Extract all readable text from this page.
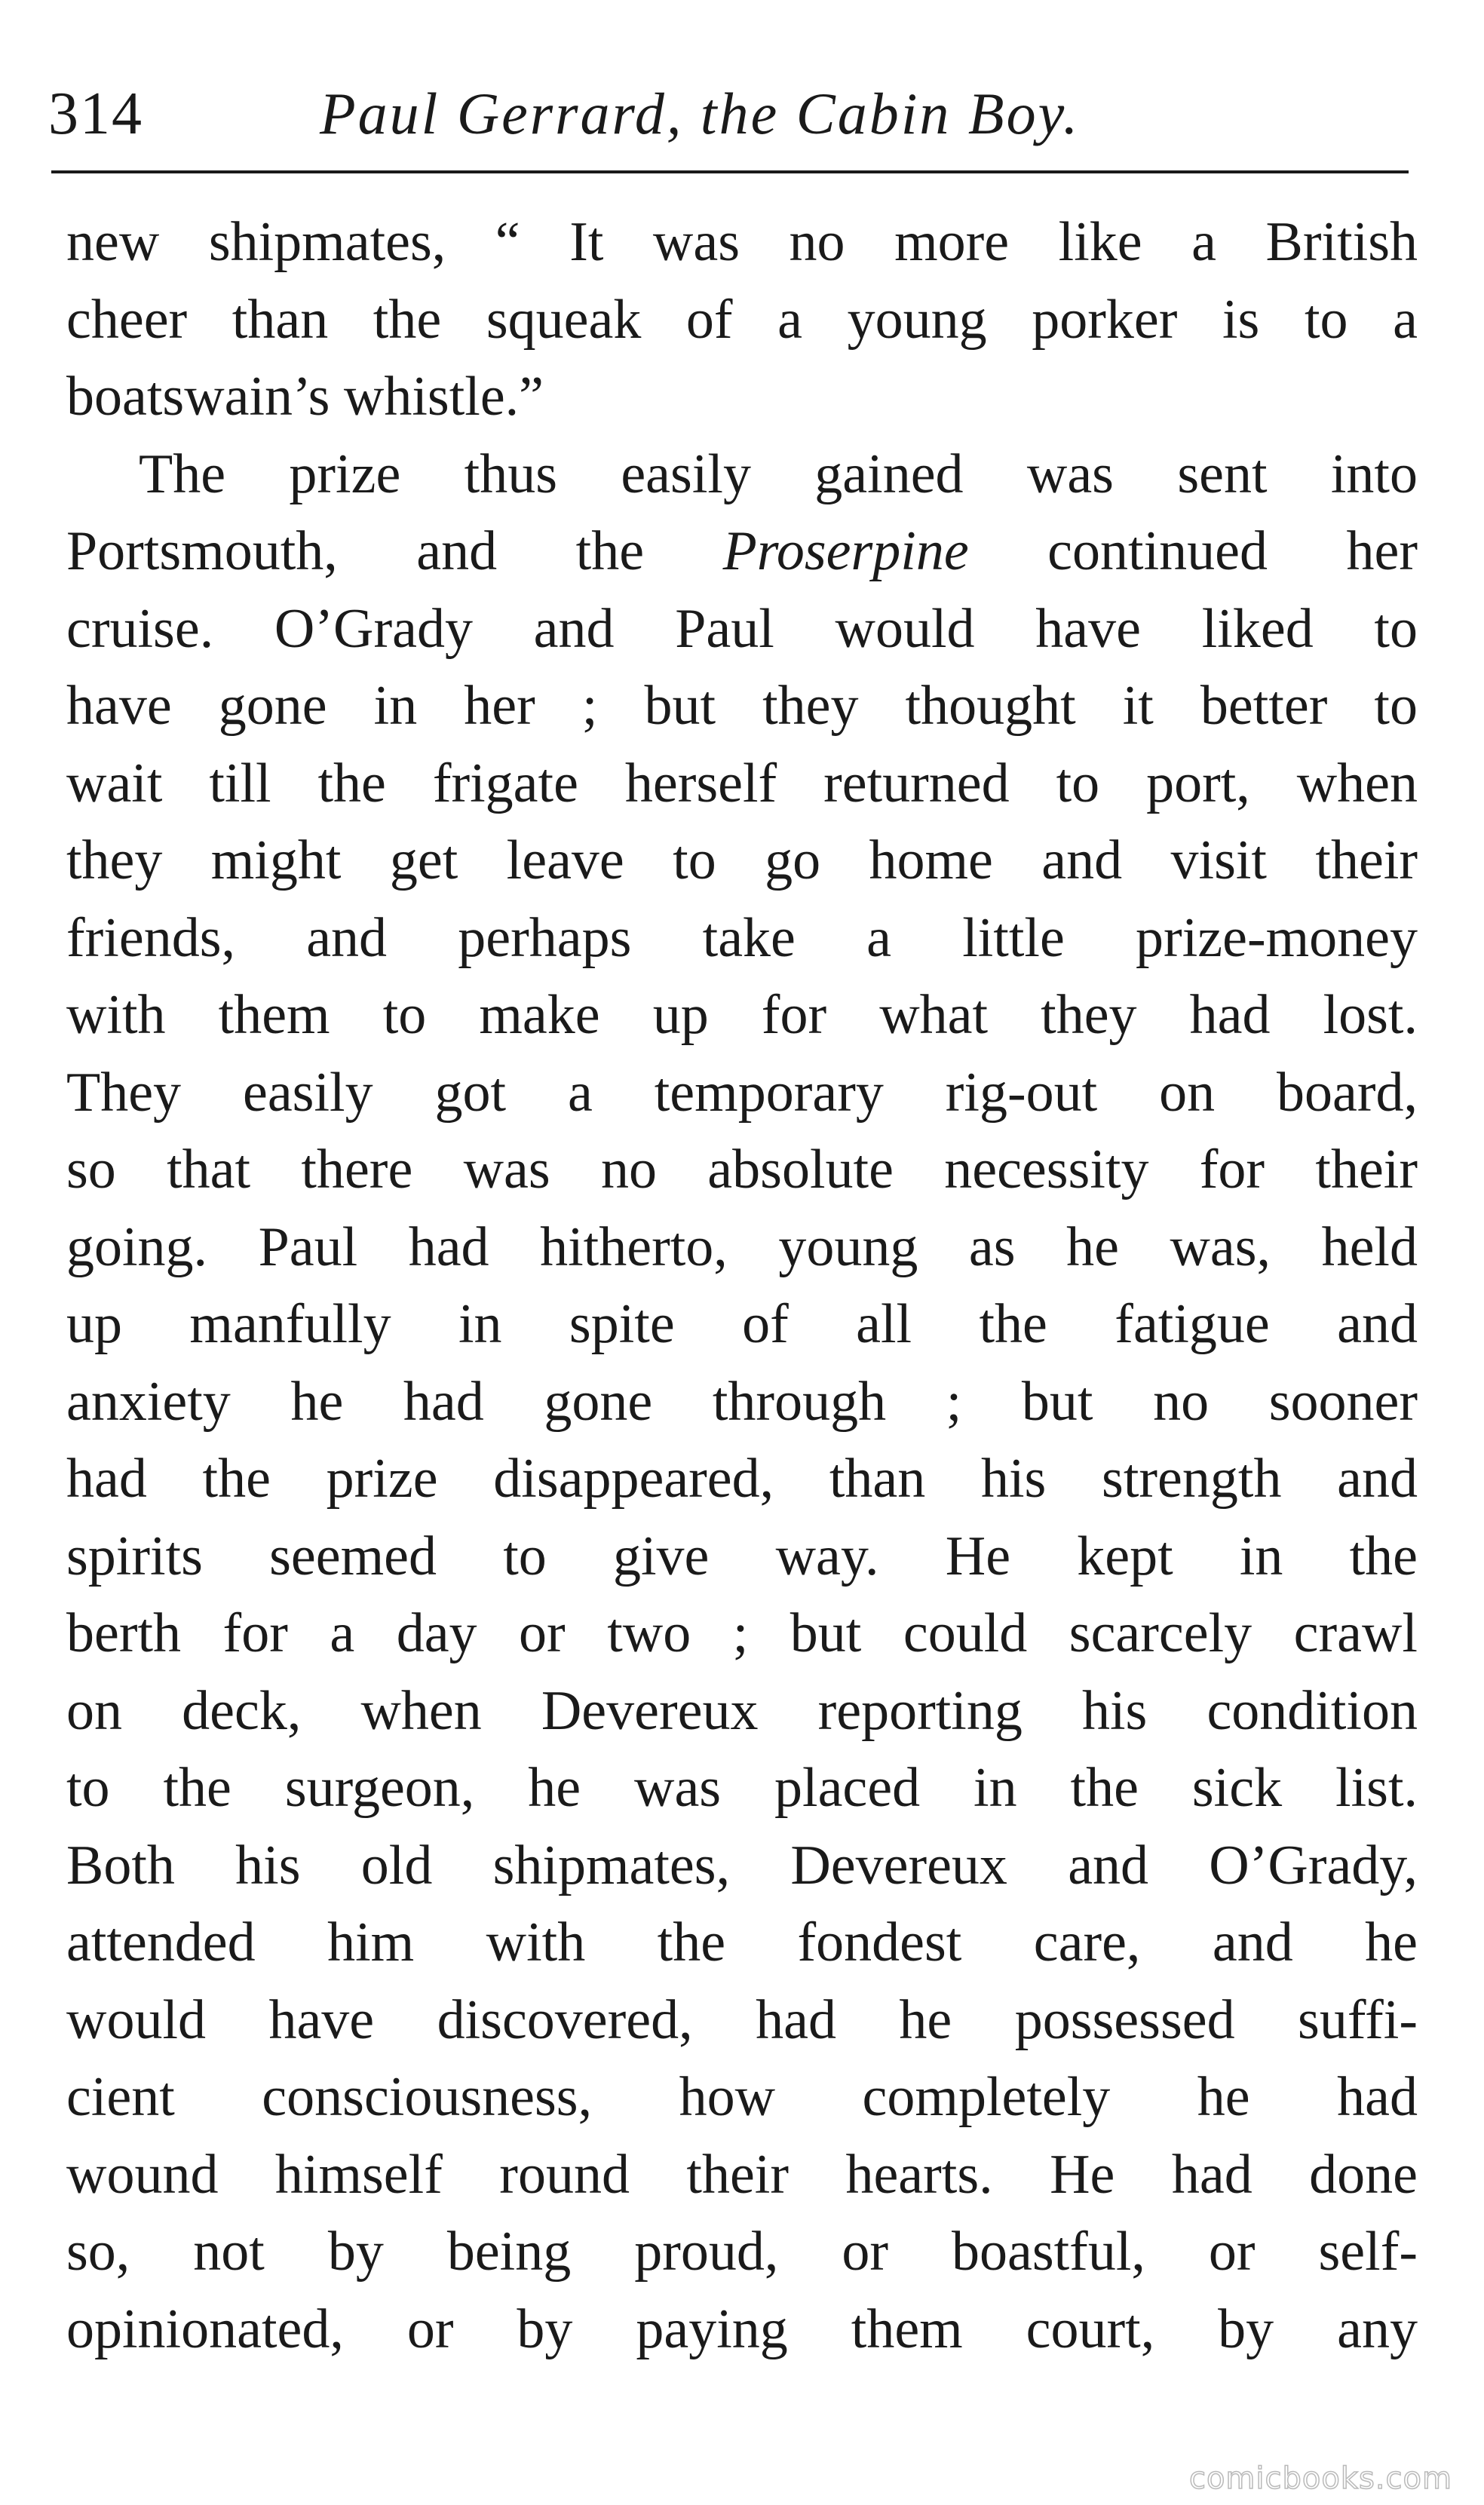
314	Paul Gerrard, the Cabin Boy.
new shipmates, “ It was no more like a British
cheer than the squeak of a young porker is to a
boatswain’s whistle.”
The prize thus easily gained was sent into
Portsmouth, and the Proserpine continued her
cruise. O’Grady and Paul would have liked to
have gone in her ; but they thought it better to
wait till the frigate herself returned to port, when
they might get leave to go home and visit their
friends, and perhaps take a little prize-money
with them to make up for what they had lost.
They easily got a temporary rig-out on board,
so that there was no absolute necessity for their
going. Paul had hitherto, young as he was, held
up manfully in spite of all the fatigue and
anxiety he had gone through ; but no sooner
had the prize disappeared, than his strength and
spirits seemed to give way. He kept in the
berth for a day or two ; but could scarcely crawl
on deck, when Devereux reporting his condition
to the surgeon, he was placed in the sick list.
Both his old shipmates, Devereux and O’Grady,
attended him with the fondest care, and he
would have discovered, had he possessed suffi-
cient consciousness, how completely he had
wound himself round their hearts. He had done
so, not by being proud, or boastful, or self-
opinionated, or by paying them court, by any
comicbooks.com
